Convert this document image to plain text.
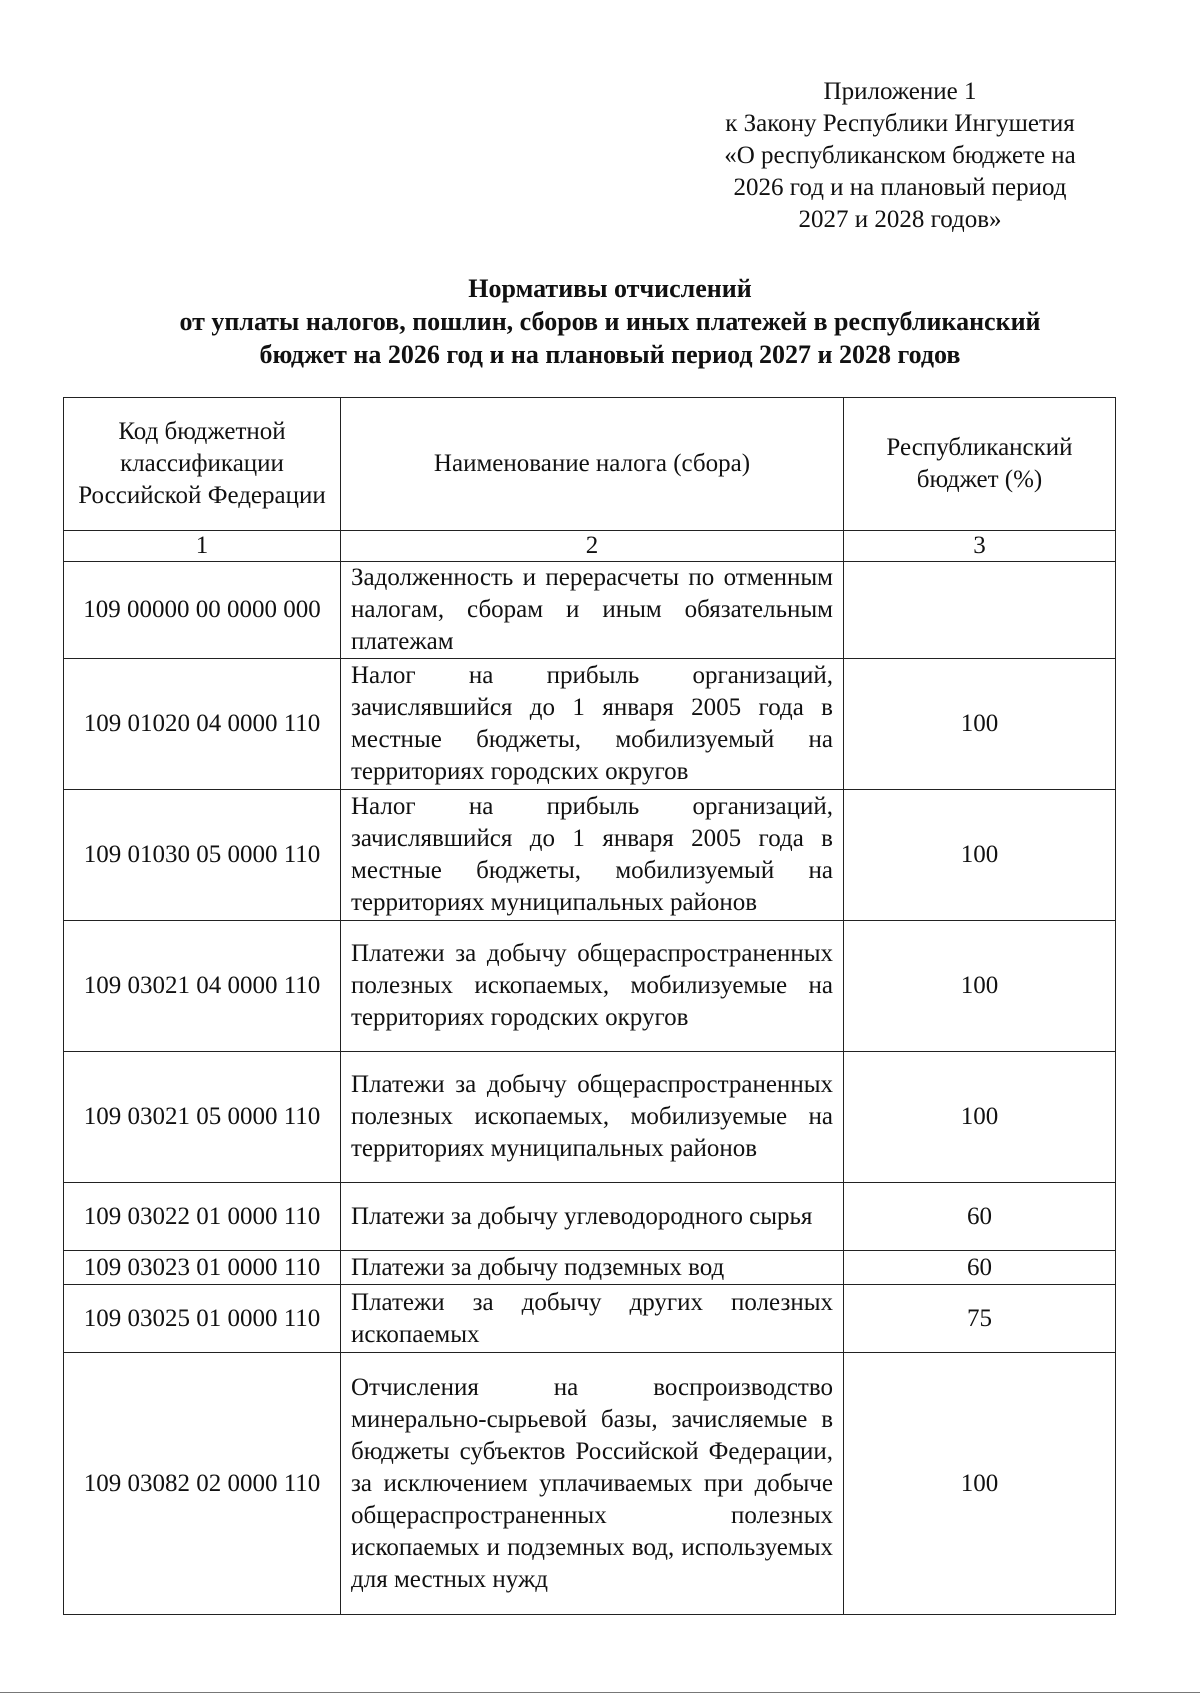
Приложение 1
к Закону Республики Ингушетия
«О республиканском бюджете на
2026 год и на плановый период
2027 и 2028 годов»
Нормативы отчислений
от уплаты налогов, пошлин, сборов и иных платежей в республиканский
бюджет на 2026 год и на плановый период 2027 и 2028 годов
Код бюджетной классификации Российской Федерации	Наименование налога (сбора)	Республиканский бюджет (%)
1	2	3
109 00000 00 0000 000	Задолженность и перерасчеты по отменным налогам, сборам и иным обязательным платежам	
109 01020 04 0000 110	Налог на прибыль организаций, зачислявшийся до 1 января 2005 года в местные бюджеты, мобилизуемый на территориях городских округов	100
109 01030 05 0000 110	Налог на прибыль организаций, зачислявшийся до 1 января 2005 года в местные бюджеты, мобилизуемый на территориях муниципальных районов	100
109 03021 04 0000 110	Платежи за добычу общераспространенных полезных ископаемых, мобилизуемые на территориях городских округов	100
109 03021 05 0000 110	Платежи за добычу общераспространенных полезных ископаемых, мобилизуемые на территориях муниципальных районов	100
109 03022 01 0000 110	Платежи за добычу углеводородного сырья	60
109 03023 01 0000 110	Платежи за добычу подземных вод	60
109 03025 01 0000 110	Платежи за добычу других полезных ископаемых	75
109 03082 02 0000 110	Отчисления на воспроизводство минерально-сырьевой базы, зачисляемые в бюджеты субъектов Российской Федерации, за исключением уплачиваемых при добыче общераспространенных полезных ископаемых и подземных вод, используемых для местных нужд	100
